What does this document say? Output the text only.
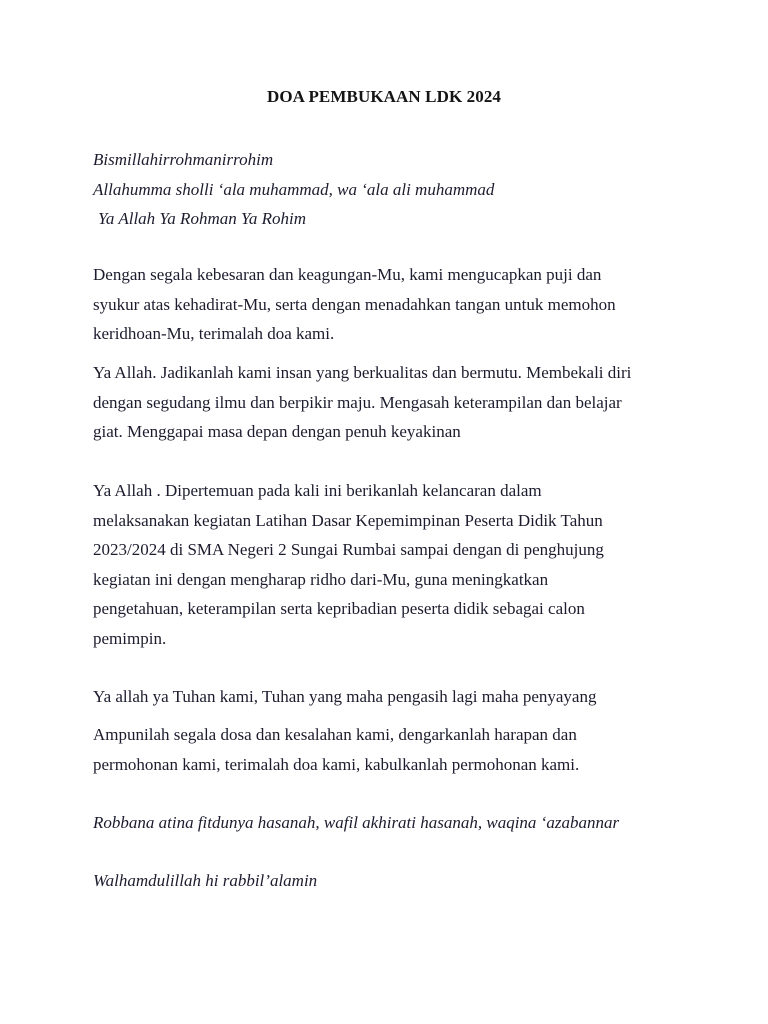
DOA PEMBUKAAN LDK 2024
Bismillahirrohmanirrohim
Allahumma sholli ‘ala muhammad, wa ‘ala ali muhammad
Ya Allah Ya Rohman Ya Rohim
Dengan segala kebesaran dan keagungan-Mu, kami mengucapkan puji dan
syukur atas kehadirat-Mu, serta dengan menadahkan tangan untuk memohon
keridhoan-Mu, terimalah doa kami.
Ya Allah. Jadikanlah kami insan yang berkualitas dan bermutu. Membekali diri
dengan segudang ilmu dan berpikir maju. Mengasah keterampilan dan belajar
giat. Menggapai masa depan dengan penuh keyakinan
Ya Allah . Dipertemuan pada kali ini berikanlah kelancaran dalam
melaksanakan kegiatan Latihan Dasar Kepemimpinan Peserta Didik Tahun
2023/2024 di SMA Negeri 2 Sungai Rumbai sampai dengan di penghujung
kegiatan ini dengan mengharap ridho dari-Mu, guna meningkatkan
pengetahuan, keterampilan serta kepribadian peserta didik sebagai calon
pemimpin.
Ya allah ya Tuhan kami, Tuhan yang maha pengasih lagi maha penyayang
Ampunilah segala dosa dan kesalahan kami, dengarkanlah harapan dan
permohonan kami, terimalah doa kami, kabulkanlah permohonan kami.
Robbana atina fitdunya hasanah, wafil akhirati hasanah, waqina ‘azabannar
Walhamdulillah hi rabbil’alamin
